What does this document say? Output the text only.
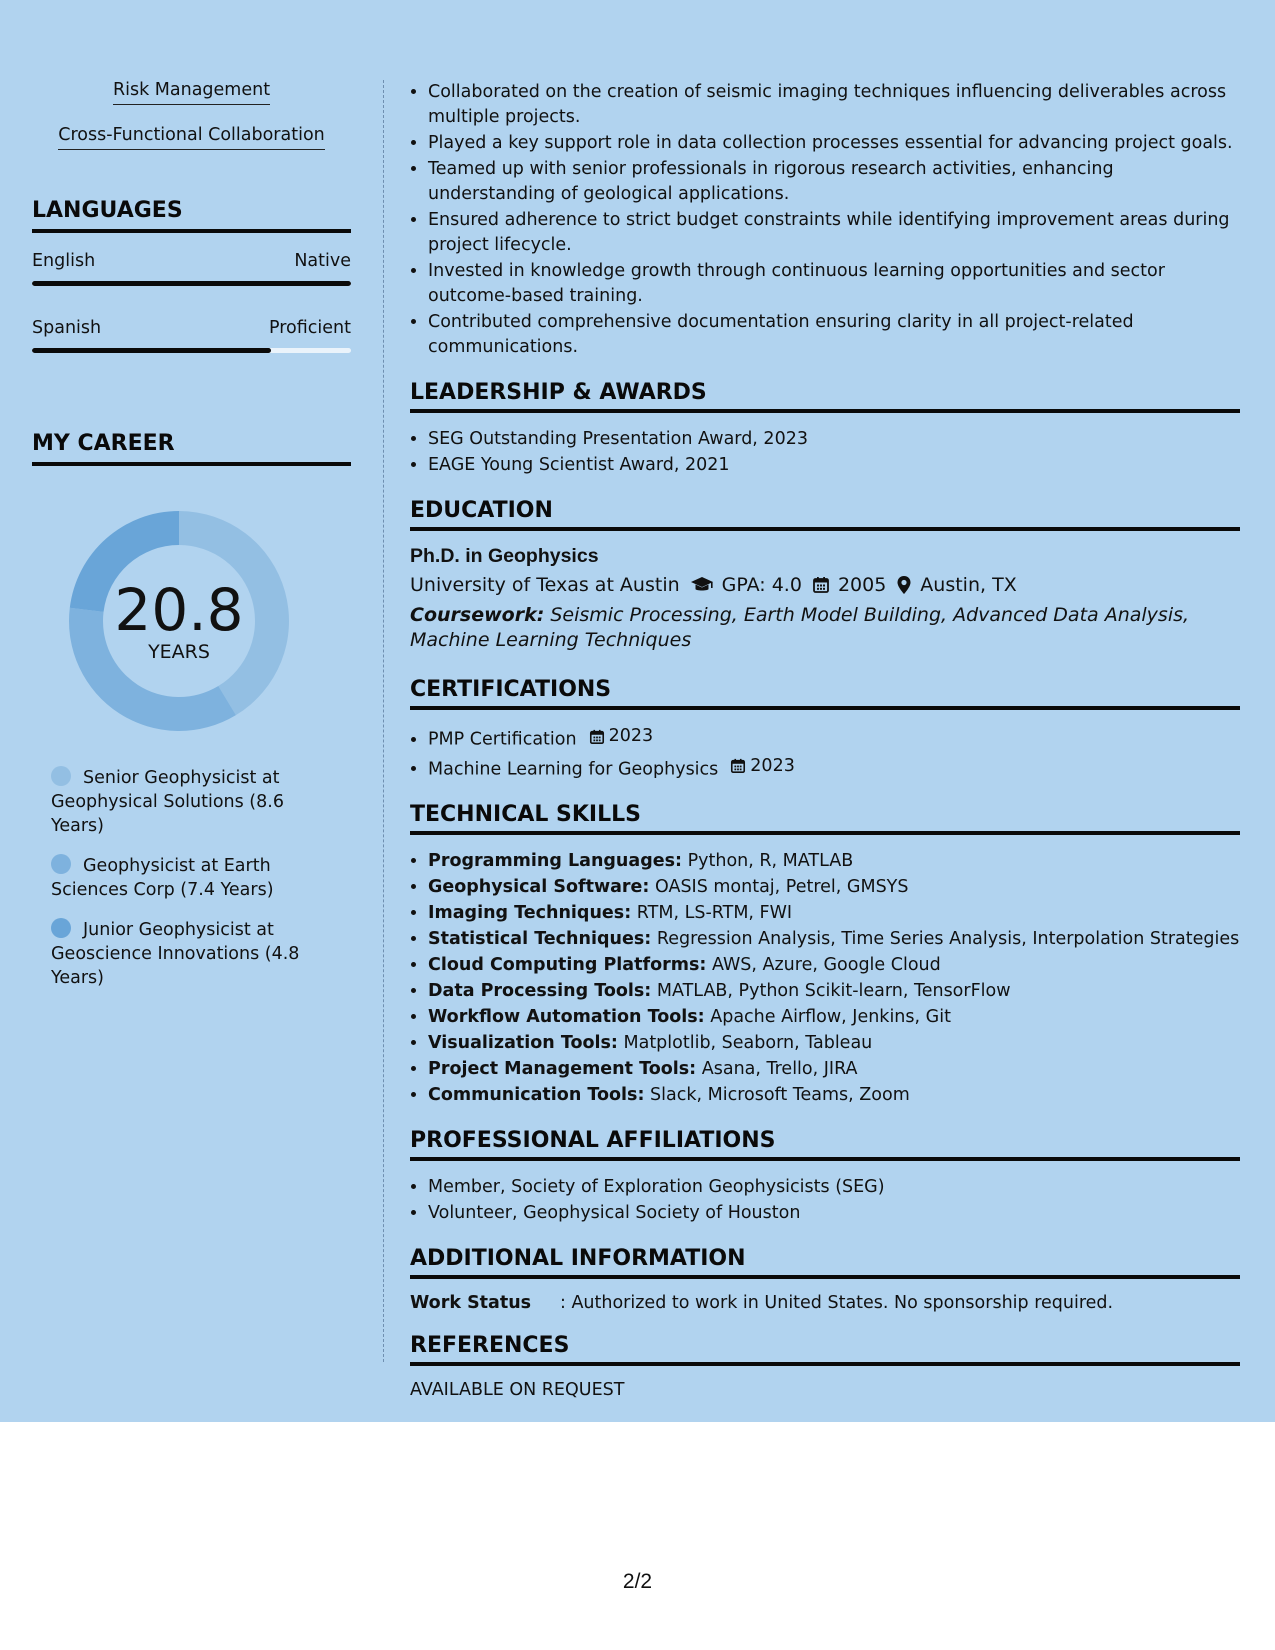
Risk Management
Cross-Functional Collaboration
LANGUAGES
English	Native
Spanish	Proficient
MY CAREER
20.8
YEARS
Senior Geophysicist at Geophysical Solutions (8.6 Years)
Geophysicist at Earth Sciences Corp (7.4 Years)
Junior Geophysicist at Geoscience Innovations (4.8 Years)
• Collaborated on the creation of seismic imaging techniques influencing deliverables across multiple projects.
• Played a key support role in data collection processes essential for advancing project goals.
• Teamed up with senior professionals in rigorous research activities, enhancing understanding of geological applications.
• Ensured adherence to strict budget constraints while identifying improvement areas during project lifecycle.
• Invested in knowledge growth through continuous learning opportunities and sector outcome-based training.
• Contributed comprehensive documentation ensuring clarity in all project-related communications.
LEADERSHIP & AWARDS
• SEG Outstanding Presentation Award, 2023
• EAGE Young Scientist Award, 2021
EDUCATION
Ph.D. in Geophysics
University of Texas at Austin GPA: 4.0 2005 Austin, TX
Coursework: Seismic Processing, Earth Model Building, Advanced Data Analysis, Machine Learning Techniques
CERTIFICATIONS
• PMP Certification 2023
• Machine Learning for Geophysics 2023
TECHNICAL SKILLS
• Programming Languages: Python, R, MATLAB
• Geophysical Software: OASIS montaj, Petrel, GMSYS
• Imaging Techniques: RTM, LS-RTM, FWI
• Statistical Techniques: Regression Analysis, Time Series Analysis, Interpolation Strategies
• Cloud Computing Platforms: AWS, Azure, Google Cloud
• Data Processing Tools: MATLAB, Python Scikit-learn, TensorFlow
• Workflow Automation Tools: Apache Airflow, Jenkins, Git
• Visualization Tools: Matplotlib, Seaborn, Tableau
• Project Management Tools: Asana, Trello, JIRA
• Communication Tools: Slack, Microsoft Teams, Zoom
PROFESSIONAL AFFILIATIONS
• Member, Society of Exploration Geophysicists (SEG)
• Volunteer, Geophysical Society of Houston
ADDITIONAL INFORMATION
Work Status	: Authorized to work in United States. No sponsorship required.
REFERENCES
AVAILABLE ON REQUEST
2/2
